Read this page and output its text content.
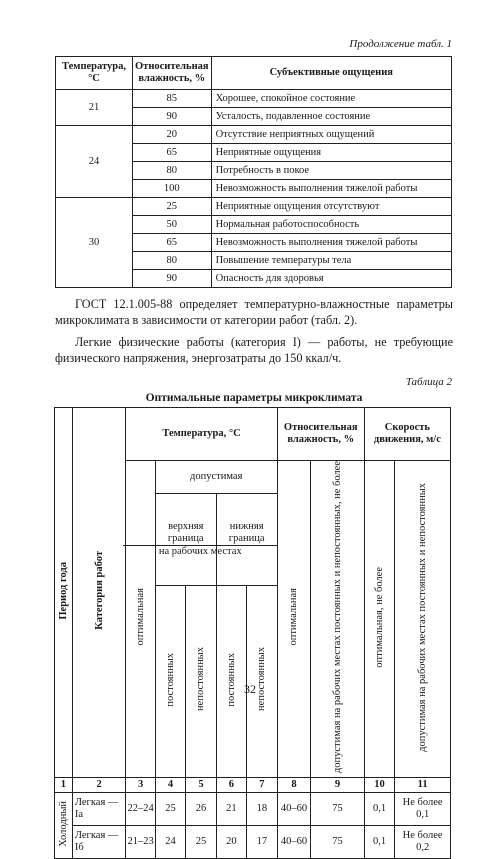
Продолжение табл. 1
Температура, °С	Относительная влажность, %	Субъективные ощущения
21	85	Хорошее, спокойное состояние
	90	Усталость, подавленное состояние
24	20	Отсутствие неприятных ощущений
	65	Неприятные ощущения
	80	Потребность в покое
	100	Невозможность выполнения тяжелой работы
30	25	Неприятные ощущения отсутствуют
	50	Нормальная работоспособность
	65	Невозможность выполнения тяжелой работы
	80	Повышение температуры тела
	90	Опасность для здоровья
ГОСТ 12.1.005-88 определяет температурно-влажностные параметры микроклимата в зависимости от категории работ (табл. 2).
Легкие физические работы (категория I) — работы, не требующие физического напряжения, энергозатраты до 150 ккал/ч.
Таблица 2
Оптимальные параметры микроклимата
Период года	Категория работ	Температура, °С					Относительная влажность, %		Скорость движения, м/с	
		оптимальная	допустимая				оптимальная	допустимая на рабочих местах постоянных и непостоянных, не более	оптимальная, не более	допустимая на рабочих местах постоянных и непостоянных

			верхняя граница
на рабочих местах		нижняя граница					

			постоянных	непостоянных	постоянных	непостоянных				
1	2	3	4	5	6	7	8	9	10	11
Холодный	Легкая — Ia	22–24	25	26	21	18	40–60	75	0,1	Не более 0,1
	Легкая — Iб	21–23	24	25	20	17	40–60	75	0,1	Не более 0,2
32
